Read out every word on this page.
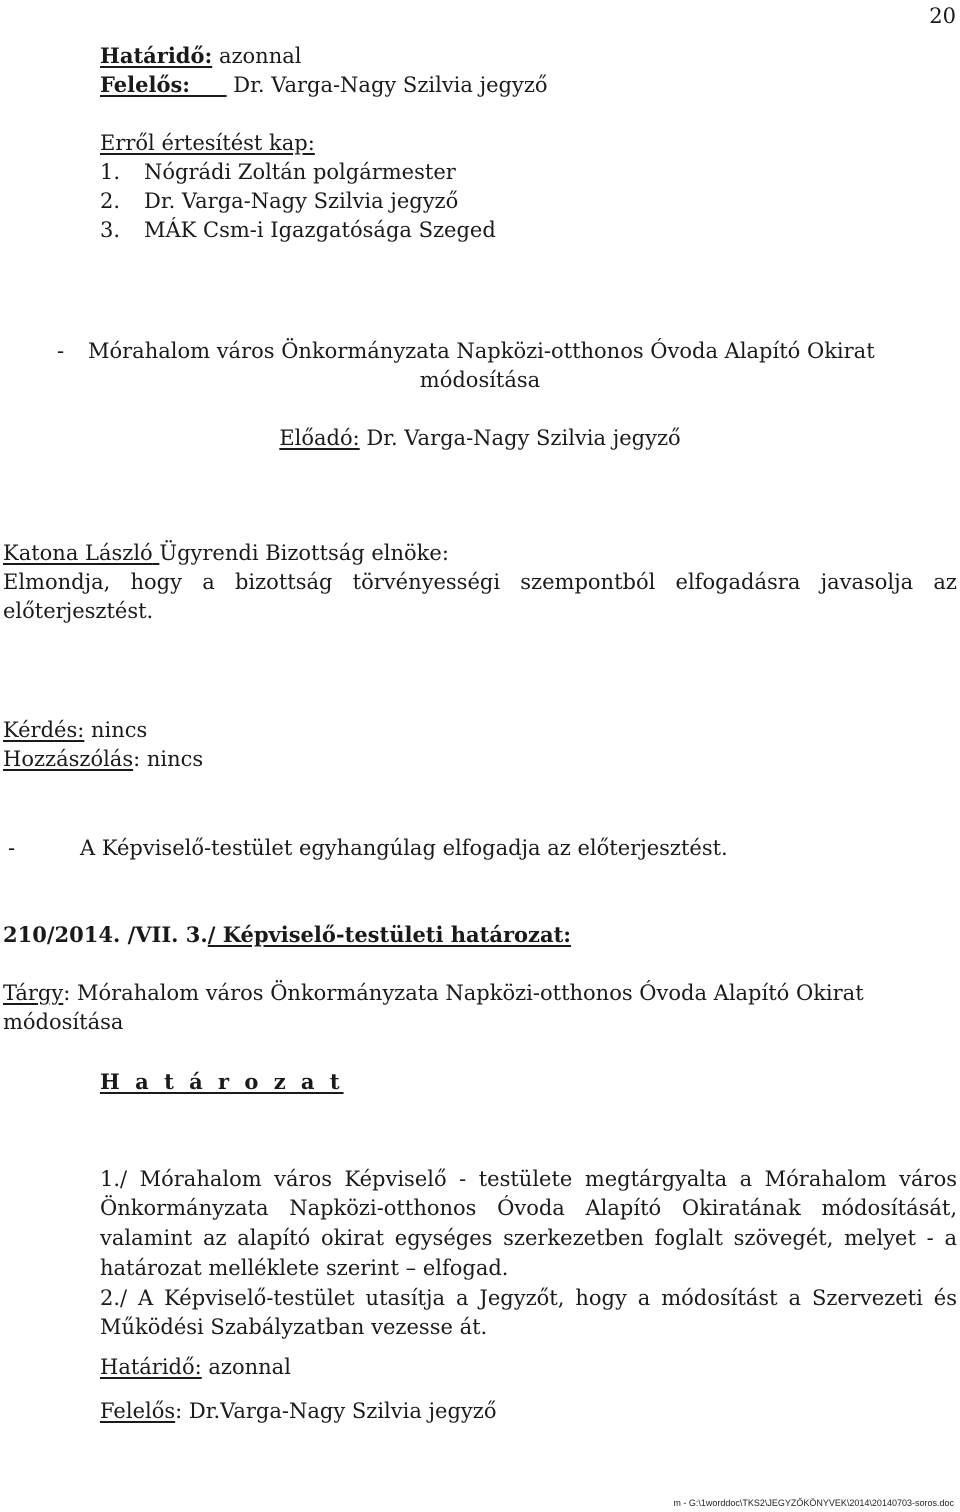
20
Határidő: azonnal
Felelős: Dr. Varga-Nagy Szilvia jegyző
Erről értesítést kap:
1. Nógrádi Zoltán polgármester
2. Dr. Varga-Nagy Szilvia jegyző
3. MÁK Csm-i Igazgatósága Szeged
- Mórahalom város Önkormányzata Napközi-otthonos Óvoda Alapító Okirat
módosítása
Előadó: Dr. Varga-Nagy Szilvia jegyző
Katona László Ügyrendi Bizottság elnöke:
Elmondja, hogy a bizottság törvényességi szempontból elfogadásra javasolja az
előterjesztést.
Kérdés: nincs
Hozzászólás: nincs
-	A Képviselő-testület egyhangúlag elfogadja az előterjesztést.
210/2014. /VII. 3./ Képviselő-testületi határozat:
Tárgy: Mórahalom város Önkormányzata Napközi-otthonos Óvoda Alapító Okirat
módosítása
H a t á r o z a t
1./ Mórahalom város Képviselő - testülete megtárgyalta a Mórahalom város
Önkormányzata Napközi-otthonos Óvoda Alapító Okiratának módosítását,
valamint az alapító okirat egységes szerkezetben foglalt szövegét, melyet - a
határozat melléklete szerint – elfogad.
2./ A Képviselő-testület utasítja a Jegyzőt, hogy a módosítást a Szervezeti és
Működési Szabályzatban vezesse át.
Határidő: azonnal
Felelős: Dr.Varga-Nagy Szilvia jegyző
m - G:\1worddoc\TKS2\JEGYZŐKÖNYVEK\2014\20140703-soros.doc
